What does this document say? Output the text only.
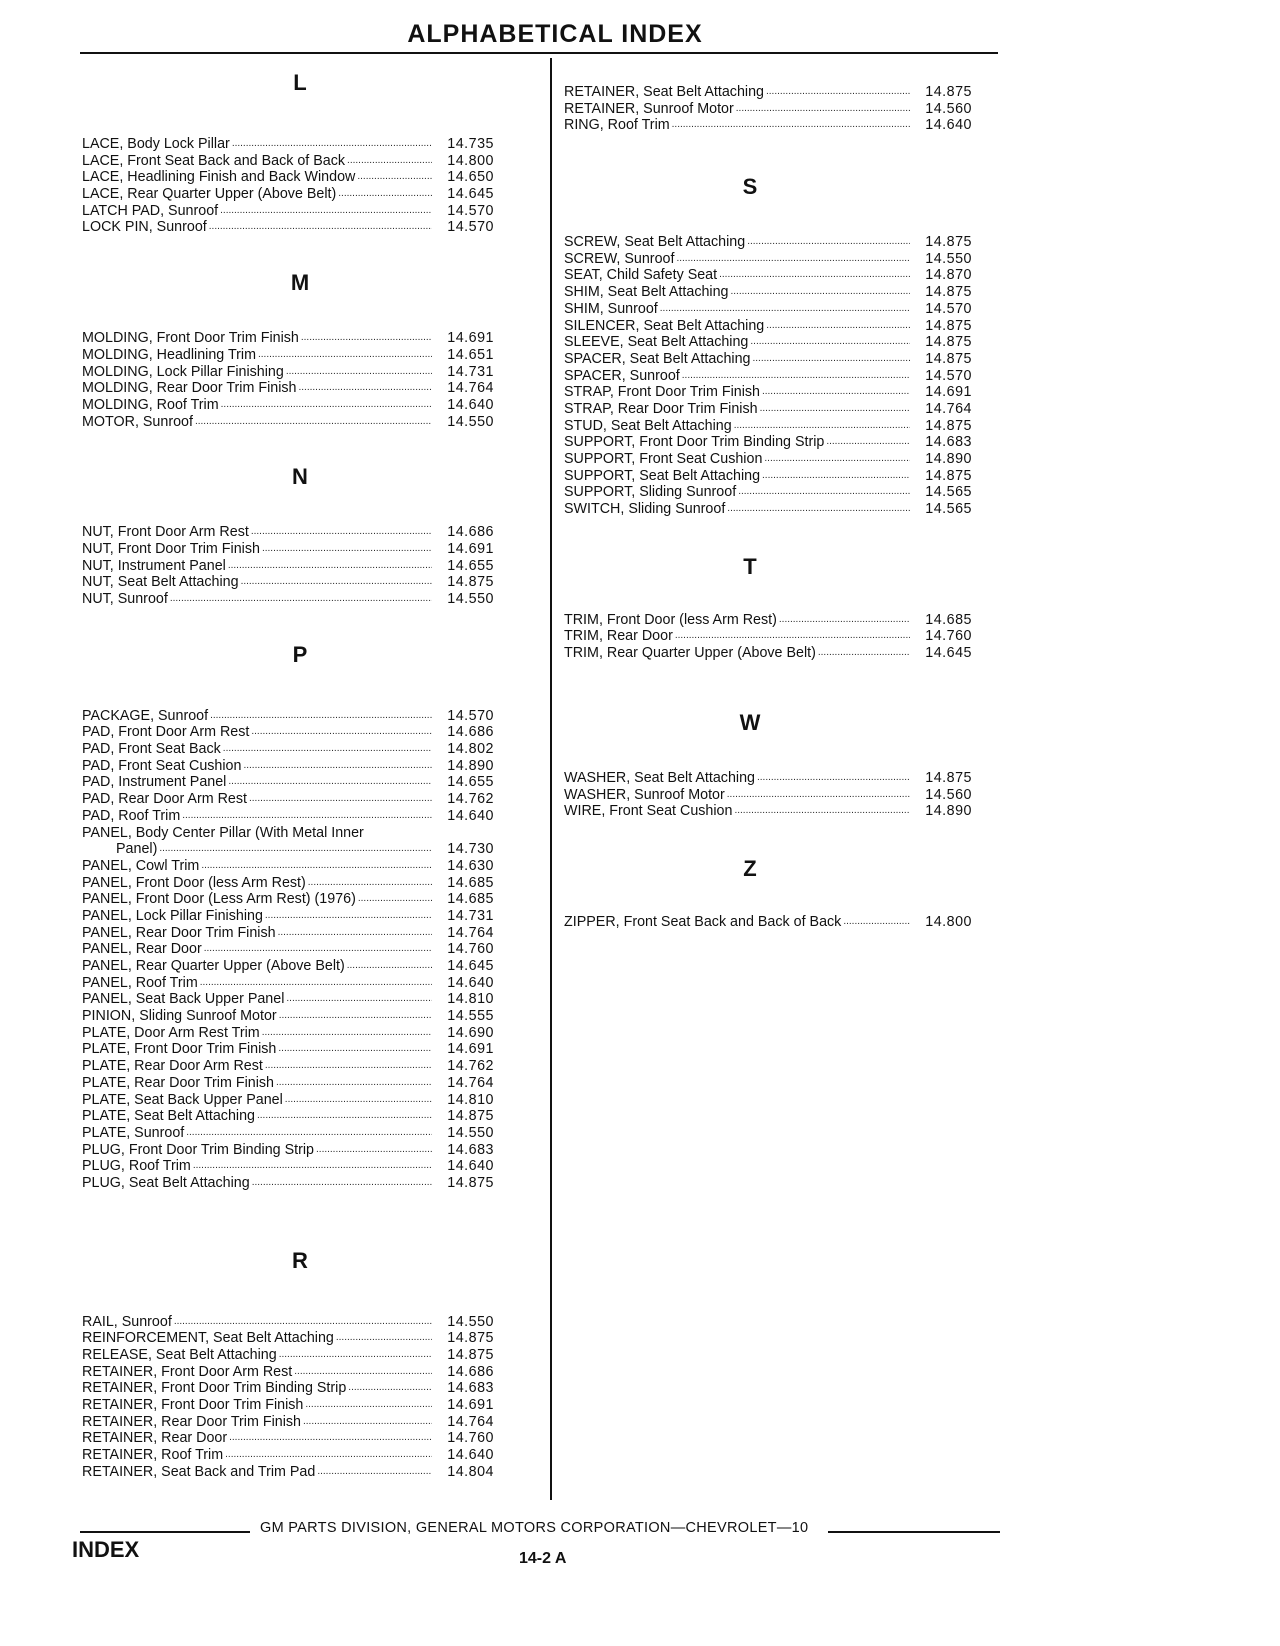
ALPHABETICAL INDEX
L
LACE, Body Lock Pillar .....	14.735
LACE, Front Seat Back and Back of Back .....	14.800
LACE, Headlining Finish and Back Window .....	14.650
LACE, Rear Quarter Upper (Above Belt) .....	14.645
LATCH PAD, Sunroof .....	14.570
LOCK PIN, Sunroof .....	14.570
M
MOLDING, Front Door Trim Finish .....	14.691
MOLDING, Headlining Trim .....	14.651
MOLDING, Lock Pillar Finishing .....	14.731
MOLDING, Rear Door Trim Finish .....	14.764
MOLDING, Roof Trim .....	14.640
MOTOR, Sunroof .....	14.550
N
NUT, Front Door Arm Rest .....	14.686
NUT, Front Door Trim Finish .....	14.691
NUT, Instrument Panel .....	14.655
NUT, Seat Belt Attaching .....	14.875
NUT, Sunroof .....	14.550
P
PACKAGE, Sunroof .....	14.570
PAD, Front Door Arm Rest .....	14.686
PAD, Front Seat Back .....	14.802
PAD, Front Seat Cushion .....	14.890
PAD, Instrument Panel .....	14.655
PAD, Rear Door Arm Rest .....	14.762
PAD, Roof Trim .....	14.640
PANEL, Body Center Pillar (With Metal Inner
Panel) .....	14.730
PANEL, Cowl Trim .....	14.630
PANEL, Front Door (less Arm Rest) .....	14.685
PANEL, Front Door (Less Arm Rest) (1976) .....	14.685
PANEL, Lock Pillar Finishing .....	14.731
PANEL, Rear Door Trim Finish .....	14.764
PANEL, Rear Door .....	14.760
PANEL, Rear Quarter Upper (Above Belt) .....	14.645
PANEL, Roof Trim .....	14.640
PANEL, Seat Back Upper Panel .....	14.810
PINION, Sliding Sunroof Motor .....	14.555
PLATE, Door Arm Rest Trim .....	14.690
PLATE, Front Door Trim Finish .....	14.691
PLATE, Rear Door Arm Rest .....	14.762
PLATE, Rear Door Trim Finish .....	14.764
PLATE, Seat Back Upper Panel .....	14.810
PLATE, Seat Belt Attaching .....	14.875
PLATE, Sunroof .....	14.550
PLUG, Front Door Trim Binding Strip .....	14.683
PLUG, Roof Trim .....	14.640
PLUG, Seat Belt Attaching .....	14.875
R
RAIL, Sunroof .....	14.550
REINFORCEMENT, Seat Belt Attaching .....	14.875
RELEASE, Seat Belt Attaching .....	14.875
RETAINER, Front Door Arm Rest .....	14.686
RETAINER, Front Door Trim Binding Strip .....	14.683
RETAINER, Front Door Trim Finish .....	14.691
RETAINER, Rear Door Trim Finish .....	14.764
RETAINER, Rear Door .....	14.760
RETAINER, Roof Trim .....	14.640
RETAINER, Seat Back and Trim Pad .....	14.804
RETAINER, Seat Belt Attaching .....	14.875
RETAINER, Sunroof Motor .....	14.560
RING, Roof Trim .....	14.640
S
SCREW, Seat Belt Attaching .....	14.875
SCREW, Sunroof .....	14.550
SEAT, Child Safety Seat .....	14.870
SHIM, Seat Belt Attaching .....	14.875
SHIM, Sunroof .....	14.570
SILENCER, Seat Belt Attaching .....	14.875
SLEEVE, Seat Belt Attaching .....	14.875
SPACER, Seat Belt Attaching .....	14.875
SPACER, Sunroof .....	14.570
STRAP, Front Door Trim Finish .....	14.691
STRAP, Rear Door Trim Finish .....	14.764
STUD, Seat Belt Attaching .....	14.875
SUPPORT, Front Door Trim Binding Strip .....	14.683
SUPPORT, Front Seat Cushion .....	14.890
SUPPORT, Seat Belt Attaching .....	14.875
SUPPORT, Sliding Sunroof .....	14.565
SWITCH, Sliding Sunroof .....	14.565
T
TRIM, Front Door (less Arm Rest) .....	14.685
TRIM, Rear Door .....	14.760
TRIM, Rear Quarter Upper (Above Belt) .....	14.645
W
WASHER, Seat Belt Attaching .....	14.875
WASHER, Sunroof Motor .....	14.560
WIRE, Front Seat Cushion .....	14.890
Z
ZIPPER, Front Seat Back and Back of Back .....	14.800
GM PARTS DIVISION, GENERAL MOTORS CORPORATION—CHEVROLET—10
INDEX	14-2 A
